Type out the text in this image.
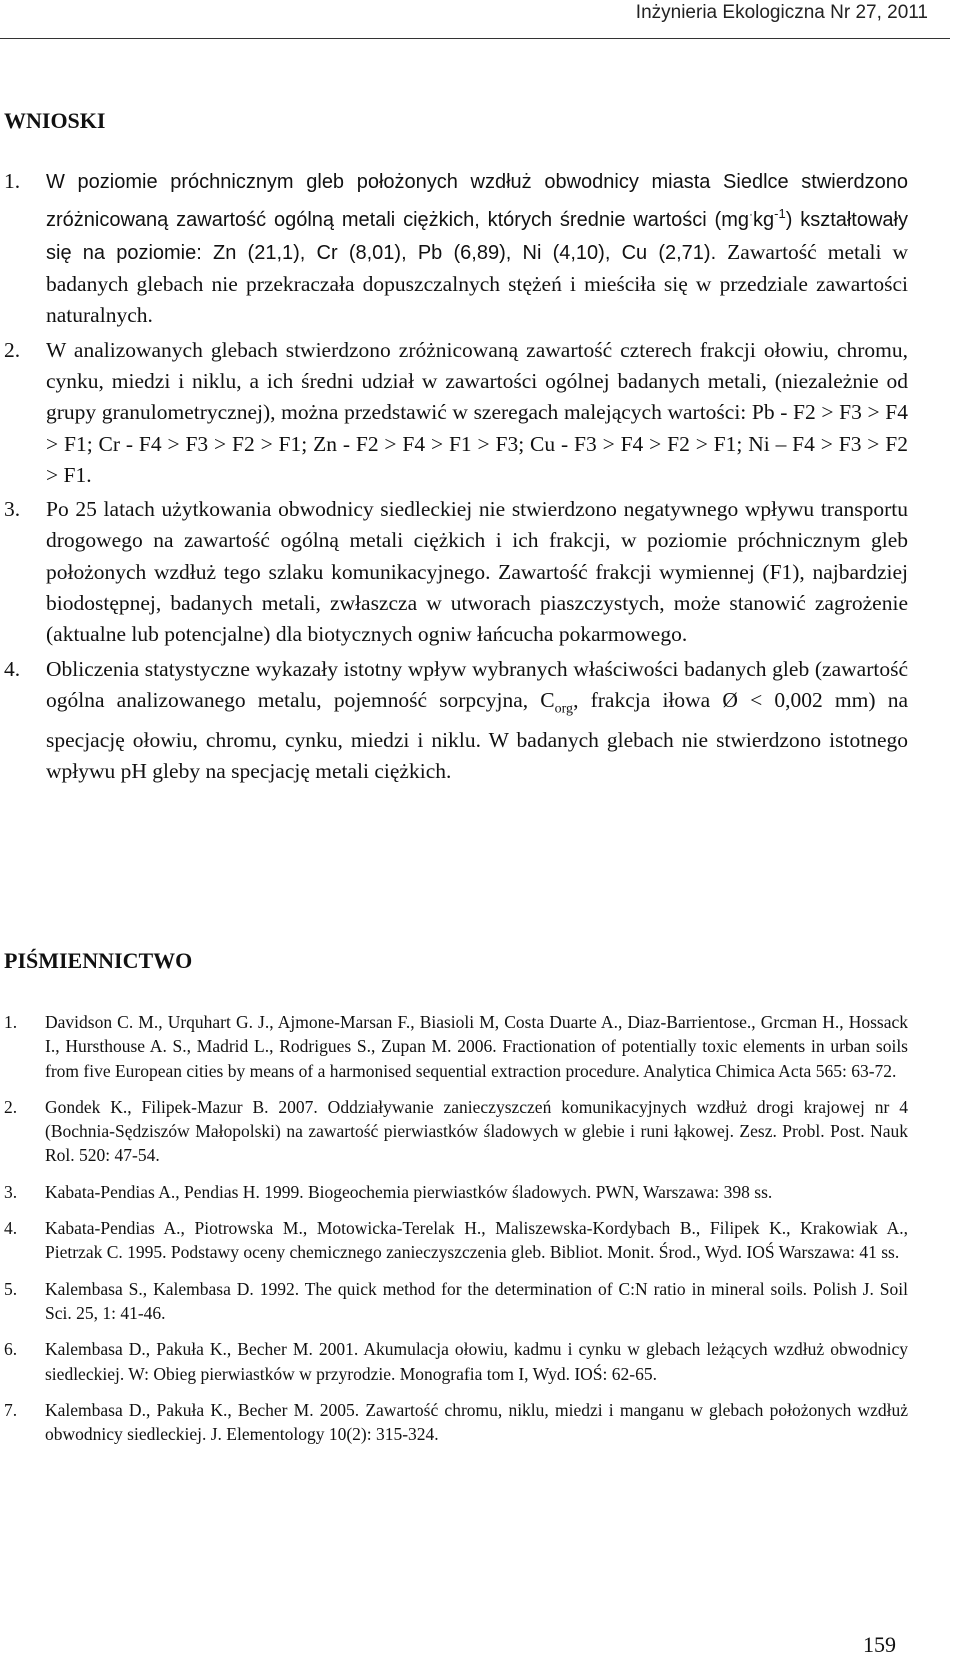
Inżynieria Ekologiczna Nr 27, 2011
WNIOSKI
1.	W poziomie próchnicznym gleb położonych wzdłuż obwodnicy miasta Siedlce stwierdzono zróżnicowaną zawartość ogólną metali ciężkich, których średnie wartości $(mg^\cdot kg^{-1})$ kształtowały się na poziomie: Zn (21,1), Cr (8,01), Pb (6,89), Ni (4,10), Cu (2,71). Zawartość metali w badanych glebach nie przekraczała dopuszczalnych stężeń i mieściła się w przedziale zawartości naturalnych.
2.	W analizowanych glebach stwierdzono zróżnicowaną zawartość czterech frakcji ołowiu, chromu, cynku, miedzi i niklu, a ich średni udział w zawartości ogólnej badanych metali, (niezależnie od grupy granulometrycznej), można przedstawić w szeregach malejących wartości: Pb - F2 > F3 > F4 > F1; Cr - F4 > F3 > F2 > F1; Zn - F2 > F4 > F1 > F3; Cu - F3 > F4 > F2 > F1; Ni – F4 > F3 > F2 > F1.
3.	Po 25 latach użytkowania obwodnicy siedleckiej nie stwierdzono negatywnego wpływu transportu drogowego na zawartość ogólną metali ciężkich i ich frakcji, w poziomie próchnicznym gleb położonych wzdłuż tego szlaku komunikacyjnego. Zawartość frakcji wymiennej (F1), najbardziej biodostępnej, badanych metali, zwłaszcza w utworach piaszczystych, może stanowić zagrożenie (aktualne lub potencjalne) dla biotycznych ogniw łańcucha pokarmowego.
4.	Obliczenia statystyczne wykazały istotny wpływ wybranych właściwości badanych gleb (zawartość ogólna analizowanego metalu, pojemność sorpcyjna, $C_{org}$, frakcja iłowa Ø < 0,002 mm) na specjację ołowiu, chromu, cynku, miedzi i niklu. W badanych glebach nie stwierdzono istotnego wpływu pH gleby na specjację metali ciężkich.
PIŚMIENNICTWO
1.	Davidson C. M., Urquhart G. J., Ajmone-Marsan F., Biasioli M, Costa Duarte A., Diaz-Barrientose., Grcman H., Hossack I., Hursthouse A. S., Madrid L., Rodrigues S., Zupan M. 2006. Fractionation of potentially toxic elements in urban soils from five European cities by means of a harmonised sequential extraction procedure. Analytica Chimica Acta 565: 63-72.
2.	Gondek K., Filipek-Mazur B. 2007. Oddziaływanie zanieczyszczeń komunikacyjnych wzdłuż drogi krajowej nr 4 (Bochnia-Sędziszów Małopolski) na zawartość pierwiastków śladowych w glebie i runi łąkowej. Zesz. Probl. Post. Nauk Rol. 520: 47-54.
3.	Kabata-Pendias A., Pendias H. 1999. Biogeochemia pierwiastków śladowych. PWN, Warszawa: 398 ss.
4.	Kabata-Pendias A., Piotrowska M., Motowicka-Terelak H., Maliszewska-Kordybach B., Filipek K., Krakowiak A., Pietrzak C. 1995. Podstawy oceny chemicznego zanieczyszczenia gleb. Bibliot. Monit. Środ., Wyd. IOŚ Warszawa: 41 ss.
5.	Kalembasa S., Kalembasa D. 1992. The quick method for the determination of C:N ratio in mineral soils. Polish J. Soil Sci. 25, 1: 41-46.
6.	Kalembasa D., Pakuła K., Becher M. 2001. Akumulacja ołowiu, kadmu i cynku w glebach leżących wzdłuż obwodnicy siedleckiej. W: Obieg pierwiastków w przyrodzie. Monografia tom I, Wyd. IOŚ: 62-65.
7.	Kalembasa D., Pakuła K., Becher M. 2005. Zawartość chromu, niklu, miedzi i manganu w glebach położonych wzdłuż obwodnicy siedleckiej. J. Elementology 10(2): 315-324.
159
